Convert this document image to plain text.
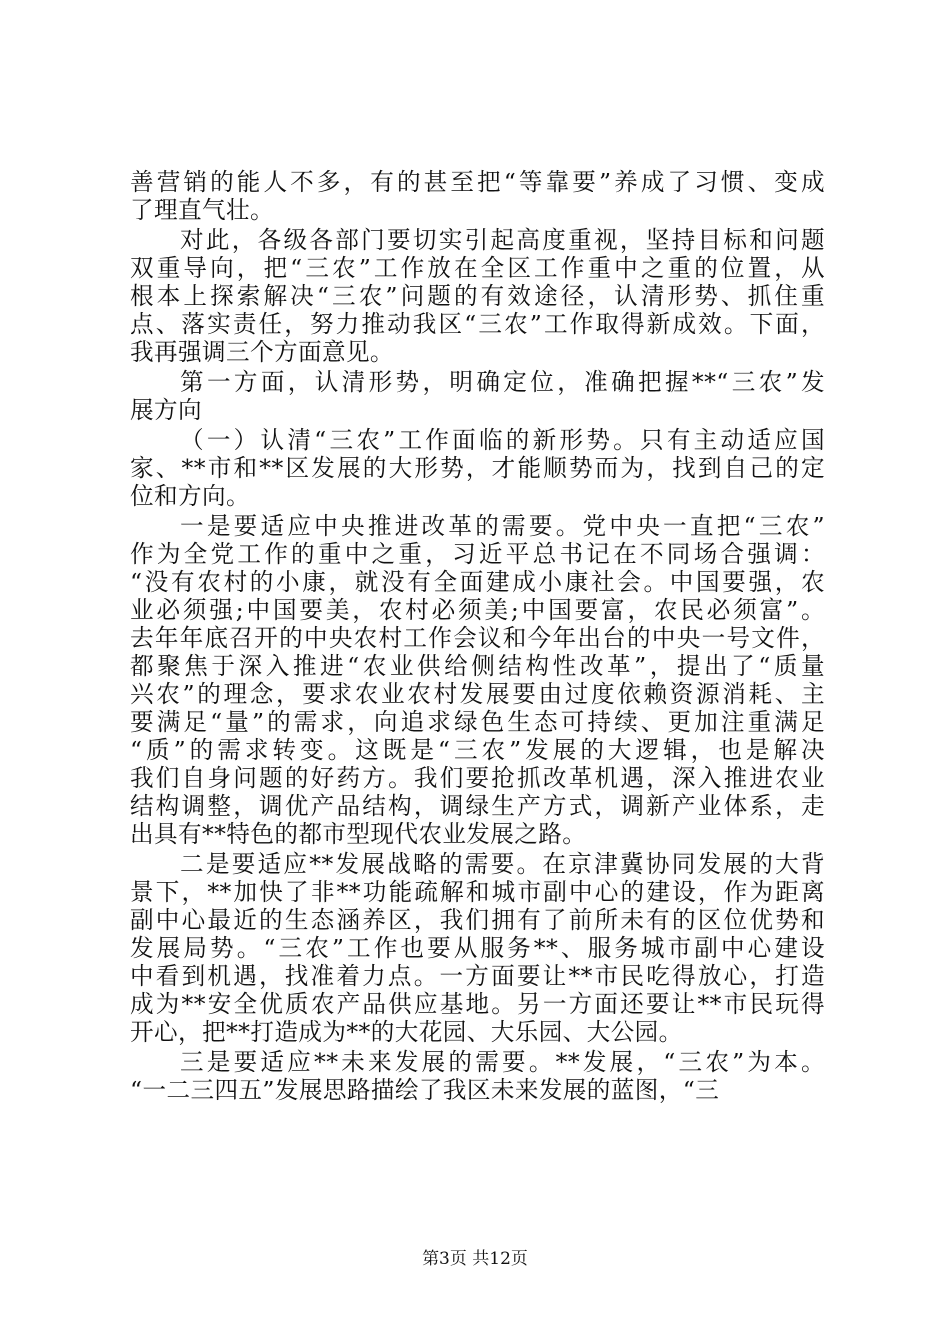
善营销的能人不多，有的甚至把“等靠要”养成了习惯、变成
了理直气壮。
对此，各级各部门要切实引起高度重视，坚持目标和问题
双重导向，把“三农”工作放在全区工作重中之重的位置，从
根本上探索解决“三农”问题的有效途径，认清形势、抓住重
点、落实责任，努力推动我区“三农”工作取得新成效。下面，
我再强调三个方面意见。
第一方面，认清形势，明确定位，准确把握**“三农”发
展方向
（一）认清“三农”工作面临的新形势。只有主动适应国
家、**市和**区发展的大形势，才能顺势而为，找到自己的定
位和方向。
一是要适应中央推进改革的需要。党中央一直把“三农”
作为全党工作的重中之重，习近平总书记在不同场合强调：
“没有农村的小康，就没有全面建成小康社会。中国要强，农
业必须强;中国要美，农村必须美;中国要富，农民必须富”。
去年年底召开的中央农村工作会议和今年出台的中央一号文件，
都聚焦于深入推进“农业供给侧结构性改革”，提出了“质量
兴农”的理念，要求农业农村发展要由过度依赖资源消耗、主
要满足“量”的需求，向追求绿色生态可持续、更加注重满足
“质”的需求转变。这既是“三农”发展的大逻辑，也是解决
我们自身问题的好药方。我们要抢抓改革机遇，深入推进农业
结构调整，调优产品结构，调绿生产方式，调新产业体系，走
出具有**特色的都市型现代农业发展之路。
二是要适应**发展战略的需要。在京津冀协同发展的大背
景下，**加快了非**功能疏解和城市副中心的建设，作为距离
副中心最近的生态涵养区，我们拥有了前所未有的区位优势和
发展局势。“三农”工作也要从服务**、服务城市副中心建设
中看到机遇，找准着力点。一方面要让**市民吃得放心，打造
成为**安全优质农产品供应基地。另一方面还要让**市民玩得
开心，把**打造成为**的大花园、大乐园、大公园。
三是要适应**未来发展的需要。**发展，“三农”为本。
“一二三四五”发展思路描绘了我区未来发展的蓝图，“三
第3页 共12页
